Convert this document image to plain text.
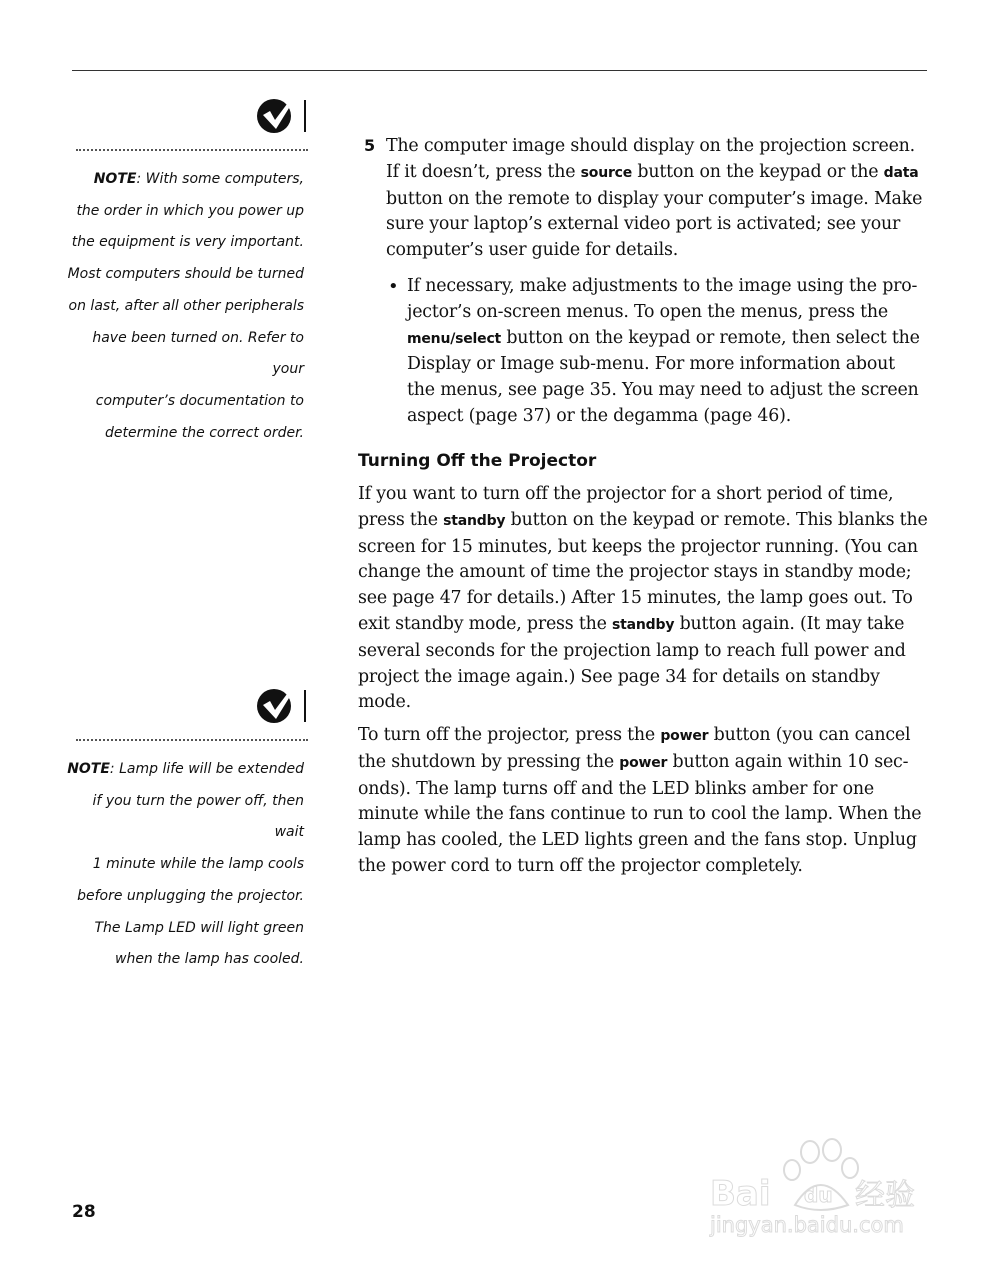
NOTE: With some computers,
the order in which you power up
the equipment is very important.
Most computers should be turned
on last, after all other peripherals
have been turned on. Refer to your
computer’s documentation to
determine the correct order.
NOTE: Lamp life will be extended
if you turn the power off, then wait
1 minute while the lamp cools
before unplugging the projector.
The Lamp LED will light green
when the lamp has cooled.
5 The computer image should display on the projection screen.
If it doesn’t, press the source button on the keypad or the data
button on the remote to display your computer’s image. Make
sure your laptop’s external video port is activated; see your
computer’s user guide for details.
• If necessary, make adjustments to the image using the pro-
jector’s on-screen menus. To open the menus, press the
menu/select button on the keypad or remote, then select the
Display or Image sub-menu. For more information about
the menus, see page 35. You may need to adjust the screen
aspect (page 37) or the degamma (page 46).
Turning Off the Projector
If you want to turn off the projector for a short period of time,
press the standby button on the keypad or remote. This blanks the
screen for 15 minutes, but keeps the projector running. (You can
change the amount of time the projector stays in standby mode;
see page 47 for details.) After 15 minutes, the lamp goes out. To
exit standby mode, press the standby button again. (It may take
several seconds for the projection lamp to reach full power and
project the image again.) See page 34 for details on standby
mode.
To turn off the projector, press the power button (you can cancel
the shutdown by pressing the power button again within 10 sec-
onds). The lamp turns off and the LED blinks amber for one
minute while the fans continue to run to cool the lamp. When the
lamp has cooled, the LED lights green and the fans stop. Unplug
the power cord to turn off the projector completely.
28	Bai du 经验
jingyan.baidu.com
